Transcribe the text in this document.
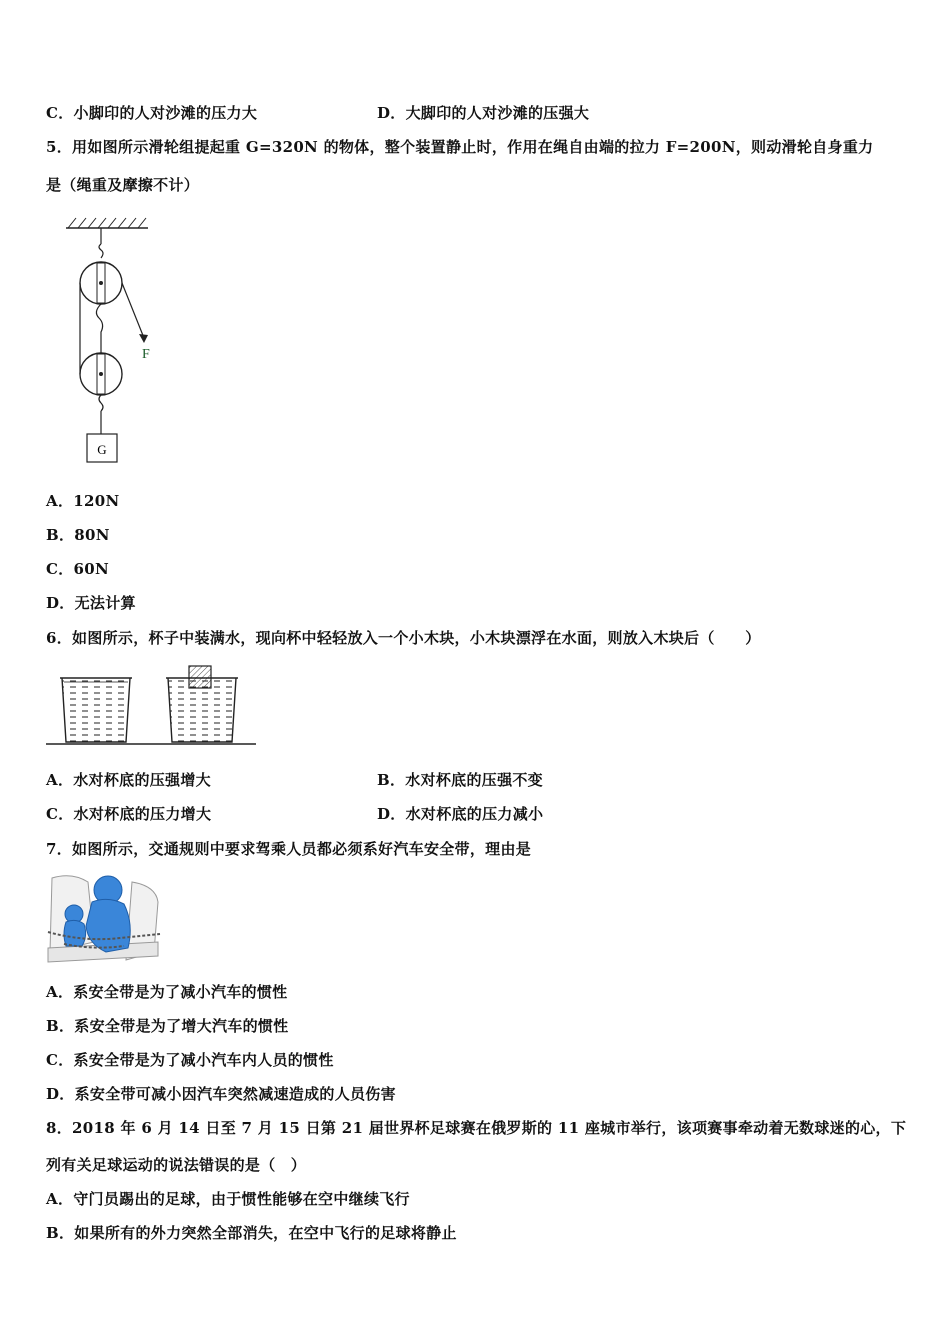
C．小脚印的人对沙滩的压力大	D．大脚印的人对沙滩的压强大
5．用如图所示滑轮组提起重 G=320N 的物体，整个装置静止时，作用在绳自由端的拉力 F=200N，则动滑轮自身重力
是（绳重及摩擦不计）
G
F
A．120N
B．80N
C．60N
D．无法计算
6．如图所示，杯子中装满水，现向杯中轻轻放入一个小木块，小木块漂浮在水面，则放入木块后（　　）
A．水对杯底的压强增大	B．水对杯底的压强不变
C．水对杯底的压力增大	D．水对杯底的压力减小
7．如图所示，交通规则中要求驾乘人员都必须系好汽车安全带，理由是
A．系安全带是为了减小汽车的惯性
B．系安全带是为了增大汽车的惯性
C．系安全带是为了减小汽车内人员的惯性
D．系安全带可减小因汽车突然减速造成的人员伤害
8．2018 年 6 月 14 日至 7 月 15 日第 21 届世界杯足球赛在俄罗斯的 11 座城市举行，该项赛事牵动着无数球迷的心，下
列有关足球运动的说法错误的是（　）
A．守门员踢出的足球，由于惯性能够在空中继续飞行
B．如果所有的外力突然全部消失，在空中飞行的足球将静止
